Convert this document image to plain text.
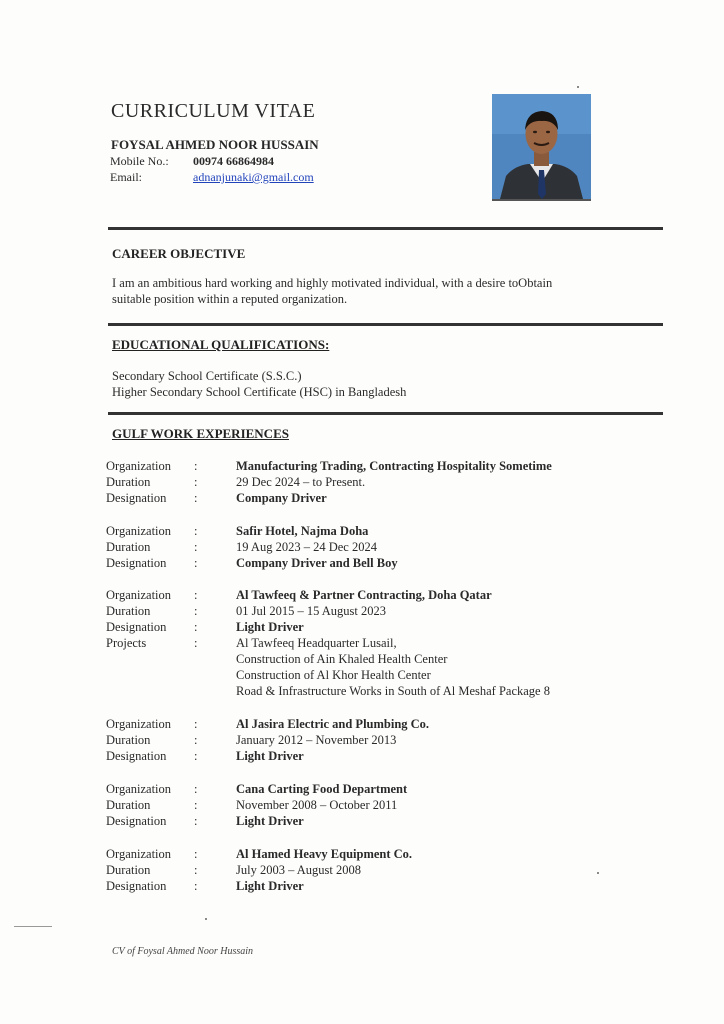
CURRICULUM VITAE
FOYSAL AHMED NOOR HUSSAIN
Mobile No.: 00974 66864984
Email:	adnanjunaki@gmail.com
CAREER OBJECTIVE
I am an ambitious hard working and highly motivated individual, with a desire toObtain
suitable position within a reputed organization.
EDUCATIONAL QUALIFICATIONS:
Secondary School Certificate (S.S.C.)
Higher Secondary School Certificate (HSC) in Bangladesh
GULF WORK EXPERIENCES
Organization :	Manufacturing Trading, Contracting Hospitality Sometime
Duration	:	29 Dec 2024 – to Present.
Designation :	Company Driver
Organization :	Safir Hotel, Najma Doha
Duration	:	19 Aug 2023 – 24 Dec 2024
Designation :	Company Driver and Bell Boy
Organization :	Al Tawfeeq & Partner Contracting, Doha Qatar
Duration	:	01 Jul 2015 – 15 August 2023
Designation :	Light Driver
Projects	:	Al Tawfeeq Headquarter Lusail,
Construction of Ain Khaled Health Center
Construction of Al Khor Health Center
Road & Infrastructure Works in South of Al Meshaf Package 8
Organization :	Al Jasira Electric and Plumbing Co.
Duration	:	January 2012 – November 2013
Designation :	Light Driver
Organization :	Cana Carting Food Department
Duration	:	November 2008 – October 2011
Designation :	Light Driver
Organization :	Al Hamed Heavy Equipment Co.
Duration	:	July 2003 – August 2008
Designation :	Light Driver
CV of Foysal Ahmed Noor Hussain
